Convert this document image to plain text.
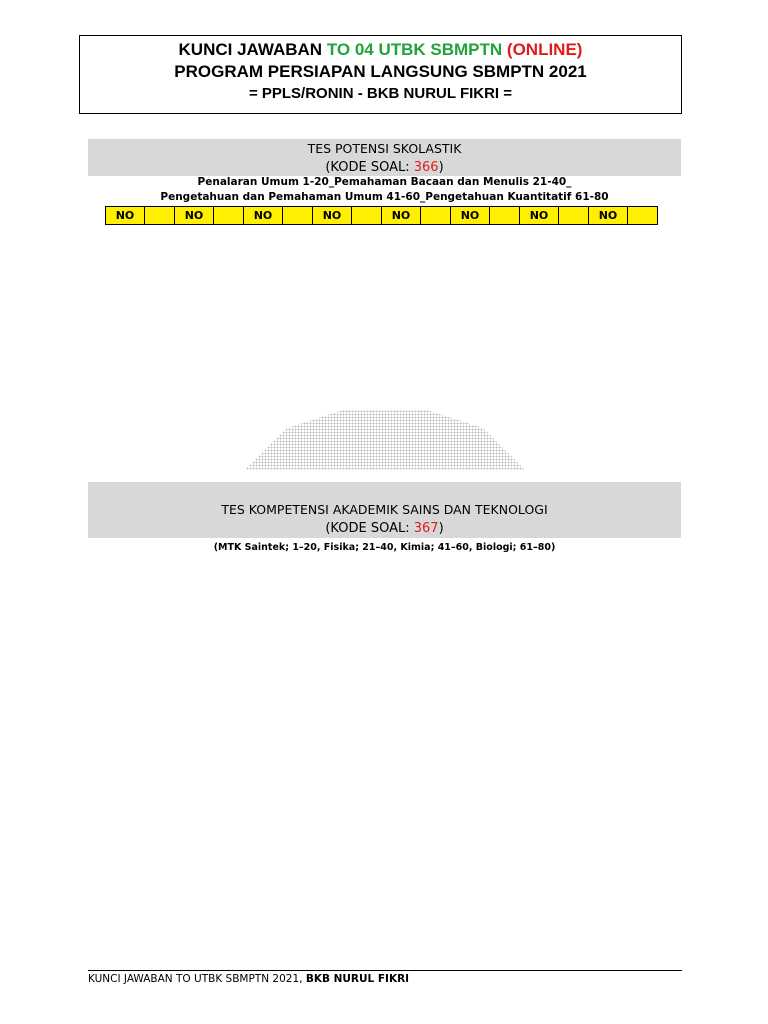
KUNCI JAWABAN TO 04 UTBK SBMPTN (ONLINE)
PROGRAM PERSIAPAN LANGSUNG SBMPTN 2021
= PPLS/RONIN - BKB NURUL FIKRI =
TES POTENSI SKOLASTIK
(KODE SOAL: 366)
Penalaran Umum 1-20_Pemahaman Bacaan dan Menulis 21-40_
Pengetahuan dan Pemahaman Umum 41-60_Pengetahuan Kuantitatif 61-80
NO		NO		NO		NO		NO		NO		NO		NO	
TES KOMPETENSI AKADEMIK SAINS DAN TEKNOLOGI
(KODE SOAL: 367)
(MTK Saintek; 1–20, Fisika; 21–40, Kimia; 41–60, Biologi; 61–80)
KUNCI JAWABAN TO UTBK SBMPTN 2021, BKB NURUL FIKRI
